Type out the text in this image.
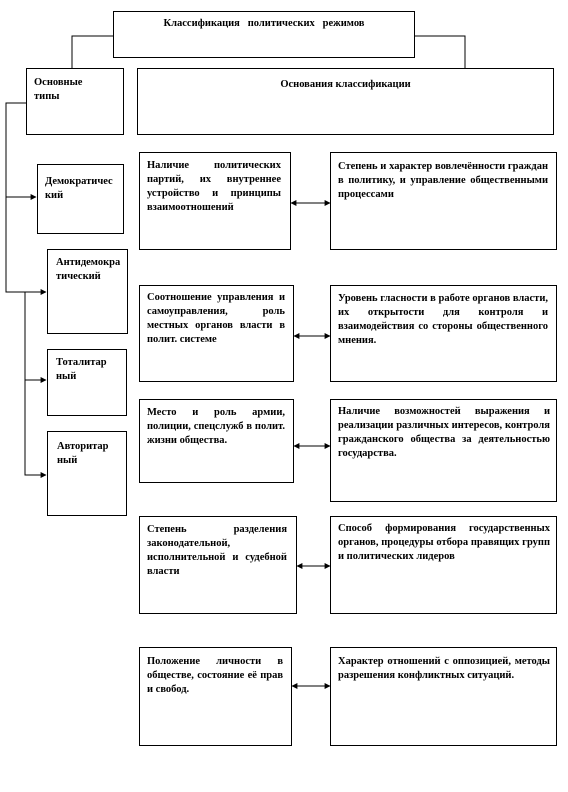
Классификация   политических   режимов
Основные типы
Основания классификации
Демократический
Антидемократический
Тоталитарный
Авторитарный
Наличие политических партий, их внутреннее устройство и принципы взаимоотношений
Степень и характер вовлечённости граждан в политику, и управление общественными процессами
Соотношение управления и самоуправления, роль местных органов власти в полит. системе
Уровень гласности в работе органов власти, их открытости для контроля и взаимодействия со стороны общественного мнения.
Место и роль армии, полиции, спецслужб в полит. жизни общества.
Наличие возможностей выражения и реализации различных интересов, контроля гражданского общества за деятельностью государства.
Степень разделения законодательной, исполнительной и судебной власти
Способ формирования государственных органов, процедуры отбора правящих групп и политических лидеров
Положение личности в обществе, состояние её прав и свобод.
Характер отношений с оппозицией, методы разрешения конфликтных ситуаций.
